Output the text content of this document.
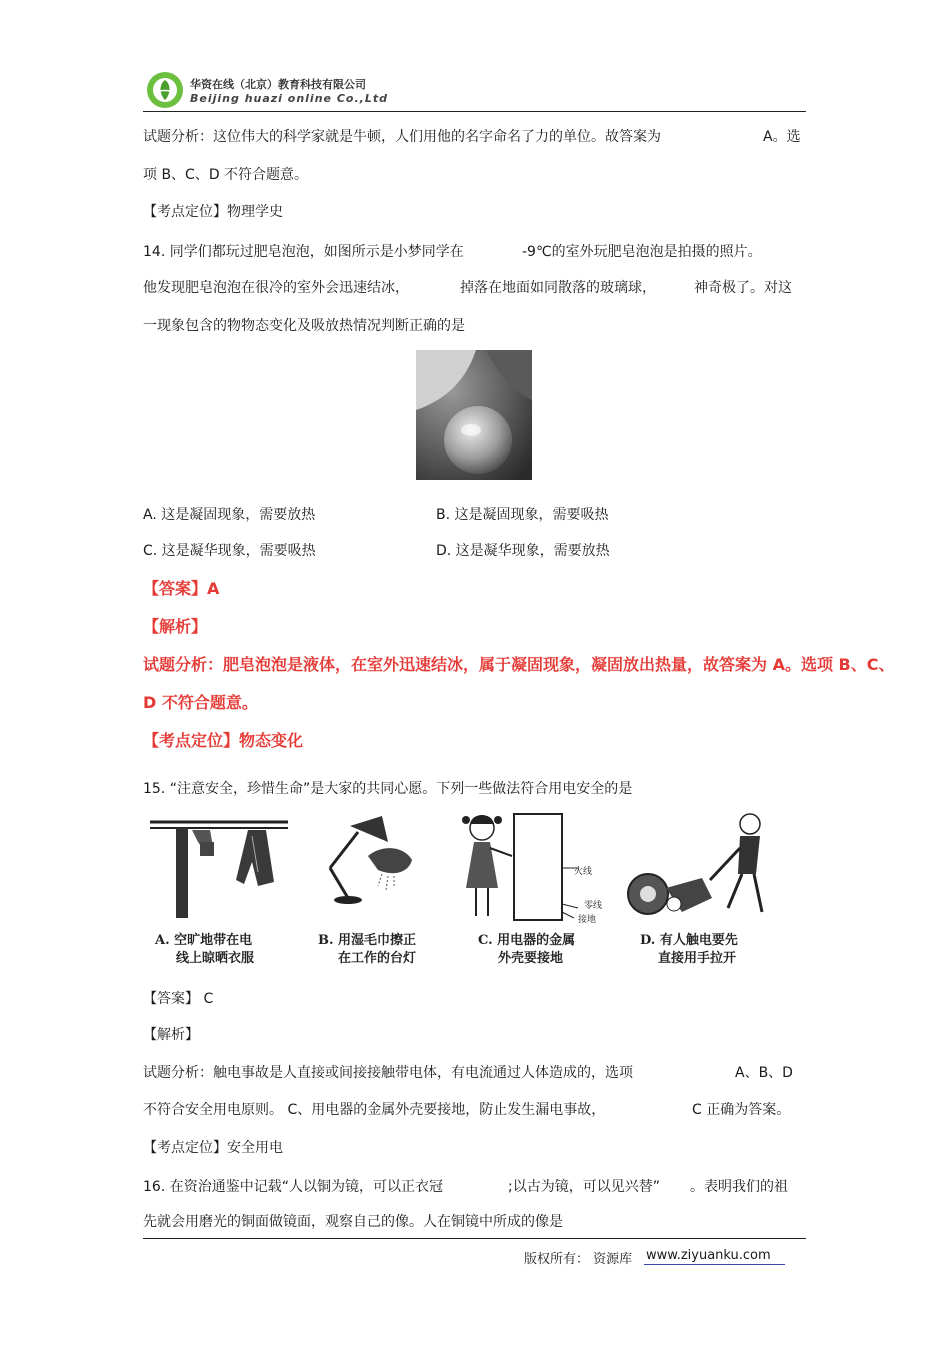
华资在线（北京）教育科技有限公司
Beijing huazi online Co.,Ltd
试题分析：这位伟大的科学家就是牛顿，人们用他的名字命名了力的单位。故答案为	A。选
项 B、C、D 不符合题意。
【考点定位】物理学史
14. 同学们都玩过肥皂泡泡，如图所示是小梦同学在	-9℃的室外玩肥皂泡泡是拍摄的照片。
他发现肥皂泡泡在很冷的室外会迅速结冰，	掉落在地面如同散落的玻璃球，	神奇极了。对这
一现象包含的物物态变化及吸放热情况判断正确的是
A. 这是凝固现象，需要放热	B. 这是凝固现象，需要吸热
C. 这是凝华现象，需要吸热	D. 这是凝华现象，需要放热
【答案】A
【解析】
试题分析：肥皂泡泡是液体，在室外迅速结冰，属于凝固现象，凝固放出热量，故答案为 A。选项 B、C、
D 不符合题意。
【考点定位】物态变化
15. “注意安全，珍惜生命”是大家的共同心愿。下列一些做法符合用电安全的是
A. 空旷地带在电
线上晾晒衣服
B. 用湿毛巾擦正
在工作的台灯
火线
零线
接地
C. 用电器的金属
外壳要接地
D. 有人触电要先
直接用手拉开
【答案】 C
【解析】
试题分析：触电事故是人直接或间接接触带电体，有电流通过人体造成的，选项	A、B、D
不符合安全用电原则。 C、用电器的金属外壳要接地，防止发生漏电事故，	C 正确为答案。
【考点定位】安全用电
16. 在资治通鉴中记载“人以铜为镜，可以正衣冠	;以古为镜，可以见兴替” 。表明我们的祖
先就会用磨光的铜面做镜面，观察自己的像。人在铜镜中所成的像是
版权所有： 资源库 www.ziyuanku.com
